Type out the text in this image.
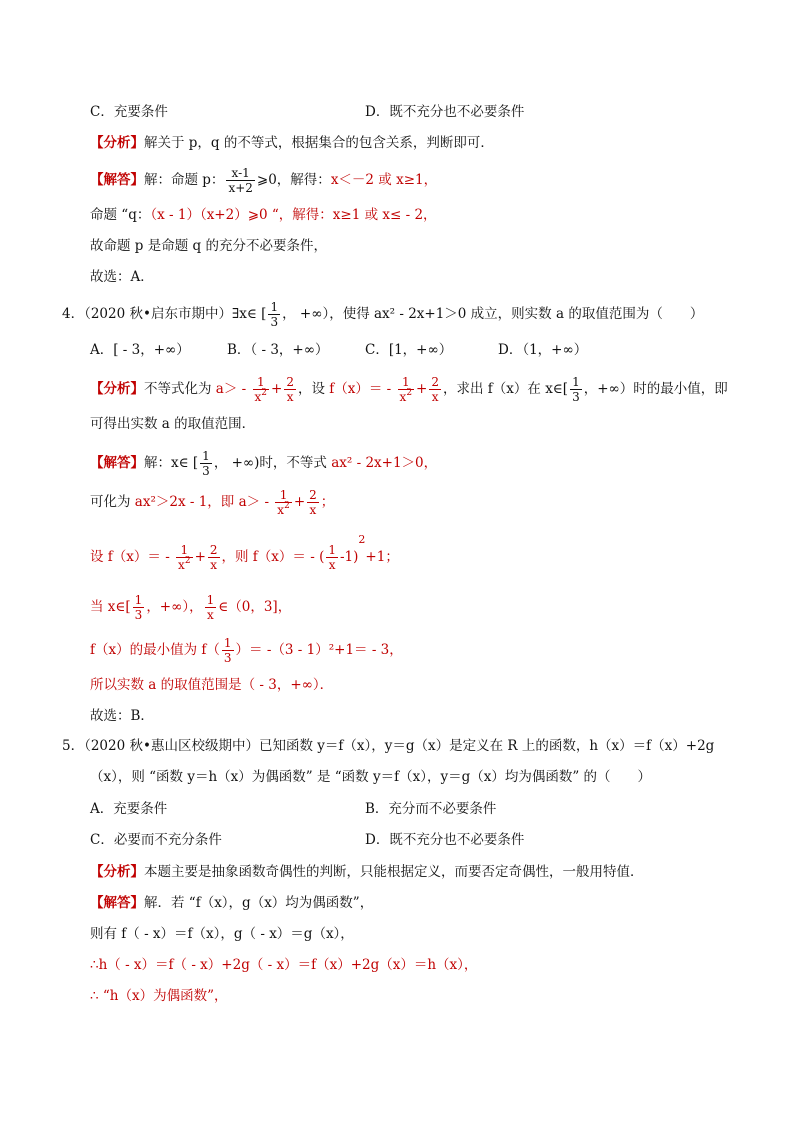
C．充要条件	D．既不充分也不必要条件
【分析】解关于 p，q 的不等式，根据集合的包含关系，判断即可．
【解答】解：命题 p： $\frac{x-1}{x+2}$ ⩾0，解得：x＜－2 或 x≥1，
命题 “q：（x - 1）（x+2）⩾0 “，解得：x≥1 或 x≤ - 2，
故命题 p 是命题 q 的充分不必要条件，
故选：A．
4．（2020 秋•启东市期中）∃x∈ [ $\frac{1}{3}$ ， +∞），使得 ax² - 2x+1＞0 成立，则实数 a 的取值范围为（　　）
A．[ - 3，+∞）	B．（ - 3，+∞）	C．[1，+∞）	D．（1，+∞）
【分析】不等式化为 $a> - \frac{1}{x^2} + \frac{2}{x}$ ，设 $f(x)= - \frac{1}{x^2} + \frac{2}{x}$ ，求出 f（x）在 x∈[ $\frac{1}{3}$ ，+∞）时的最小值，即
可得出实数 a 的取值范围．
【解答】解：x∈ [ $\frac{1}{3}$ ， +∞)时，不等式 ax² - 2x+1＞0，
可化为 ax²＞2x - 1，即 $a> - \frac{1}{x^2} + \frac{2}{x}$ ；
设 $f(x)= - \frac{1}{x^2} + \frac{2}{x}$ ，则 f（x）＝ - ( $\frac{1}{x} -1)^2+1$；
当 x∈[ $\frac{1}{3}$ ，+∞）， $\frac{1}{x}$ ∈（0，3]，
f（x）的最小值为 $f( \frac{1}{3}$ ）＝ -（3 - 1）²+1＝ - 3，
所以实数 a 的取值范围是（ - 3，+∞）．
故选：B．
5．（2020 秋•惠山区校级期中）已知函数 y＝f（x），y＝g（x）是定义在 R 上的函数，h（x）＝f（x）+2g
（x），则 “函数 y＝h（x）为偶函数” 是 “函数 y＝f（x），y＝g（x）均为偶函数” 的（　　）
A．充要条件	B．充分而不必要条件
C．必要而不充分条件	D．既不充分也不必要条件
【分析】本题主要是抽象函数奇偶性的判断，只能根据定义，而要否定奇偶性，一般用特值．
【解答】解．若 “f（x），g（x）均为偶函数”，
则有 f（ - x）＝f（x），g（ - x）＝g（x），
∴h（ - x）＝f（ - x）+2g（ - x）＝f（x）+2g（x）＝h（x），
∴ “h（x）为偶函数”，
